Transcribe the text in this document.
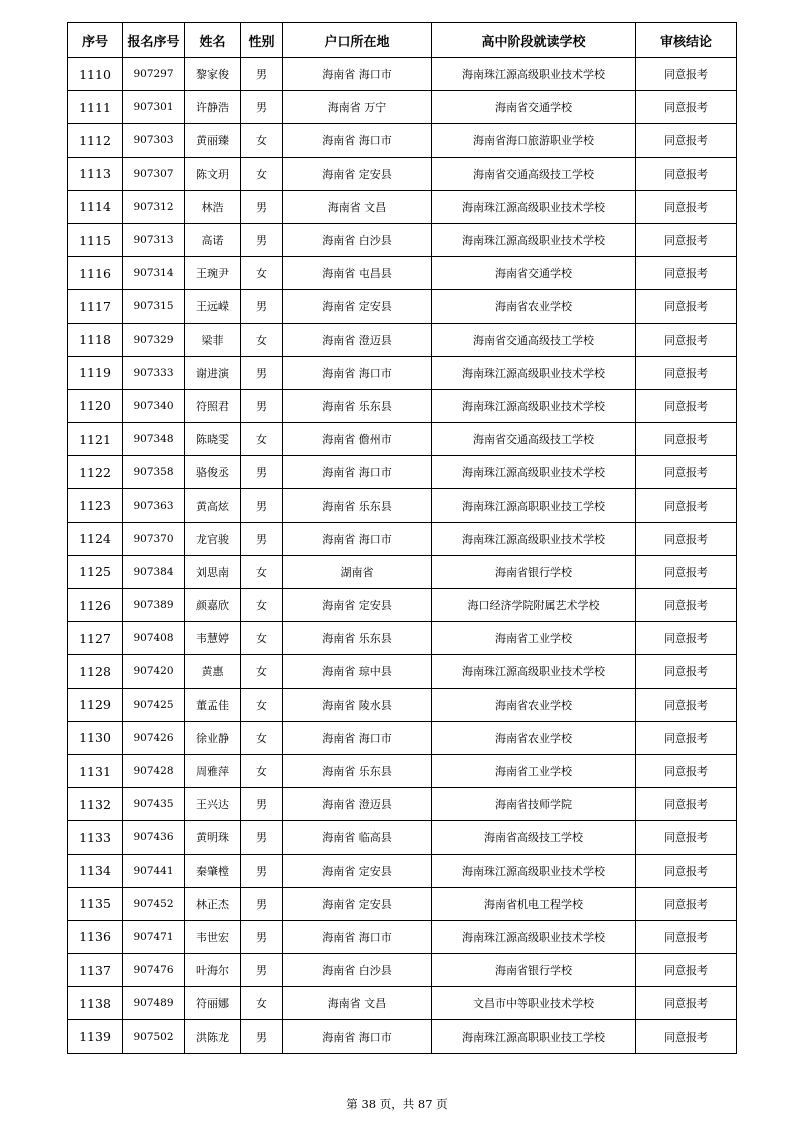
序号	报名序号	姓名	性别	户口所在地	高中阶段就读学校	审核结论
1110	907297	黎家俊	男	海南省 海口市	海南珠江源高级职业技术学校	同意报考
1111	907301	许静浩	男	海南省 万宁	海南省交通学校	同意报考
1112	907303	黄丽臻	女	海南省 海口市	海南省海口旅游职业学校	同意报考
1113	907307	陈文玥	女	海南省 定安县	海南省交通高级技工学校	同意报考
1114	907312	林浩	男	海南省 文昌	海南珠江源高级职业技术学校	同意报考
1115	907313	高诺	男	海南省 白沙县	海南珠江源高级职业技术学校	同意报考
1116	907314	王琬尹	女	海南省 屯昌县	海南省交通学校	同意报考
1117	907315	王远嵘	男	海南省 定安县	海南省农业学校	同意报考
1118	907329	梁菲	女	海南省 澄迈县	海南省交通高级技工学校	同意报考
1119	907333	谢进演	男	海南省 海口市	海南珠江源高级职业技术学校	同意报考
1120	907340	符照君	男	海南省 乐东县	海南珠江源高级职业技术学校	同意报考
1121	907348	陈晓雯	女	海南省 儋州市	海南省交通高级技工学校	同意报考
1122	907358	骆俊丞	男	海南省 海口市	海南珠江源高级职业技术学校	同意报考
1123	907363	黄高炫	男	海南省 乐东县	海南珠江源高职职业技工学校	同意报考
1124	907370	龙官骏	男	海南省 海口市	海南珠江源高级职业技术学校	同意报考
1125	907384	刘思南	女	湖南省	海南省银行学校	同意报考
1126	907389	颜嘉欣	女	海南省 定安县	海口经济学院附属艺术学校	同意报考
1127	907408	韦慧婷	女	海南省 乐东县	海南省工业学校	同意报考
1128	907420	黄惠	女	海南省 琼中县	海南珠江源高级职业技术学校	同意报考
1129	907425	董孟佳	女	海南省 陵水县	海南省农业学校	同意报考
1130	907426	徐业静	女	海南省 海口市	海南省农业学校	同意报考
1131	907428	周雅萍	女	海南省 乐东县	海南省工业学校	同意报考
1132	907435	王兴达	男	海南省 澄迈县	海南省技师学院	同意报考
1133	907436	黄明珠	男	海南省 临高县	海南省高级技工学校	同意报考
1134	907441	秦肇樘	男	海南省 定安县	海南珠江源高级职业技术学校	同意报考
1135	907452	林正杰	男	海南省 定安县	海南省机电工程学校	同意报考
1136	907471	韦世宏	男	海南省 海口市	海南珠江源高级职业技术学校	同意报考
1137	907476	叶海尔	男	海南省 白沙县	海南省银行学校	同意报考
1138	907489	符丽娜	女	海南省 文昌	文昌市中等职业技术学校	同意报考
1139	907502	洪陈龙	男	海南省 海口市	海南珠江源高职职业技工学校	同意报考
第 38 页，共 87 页
